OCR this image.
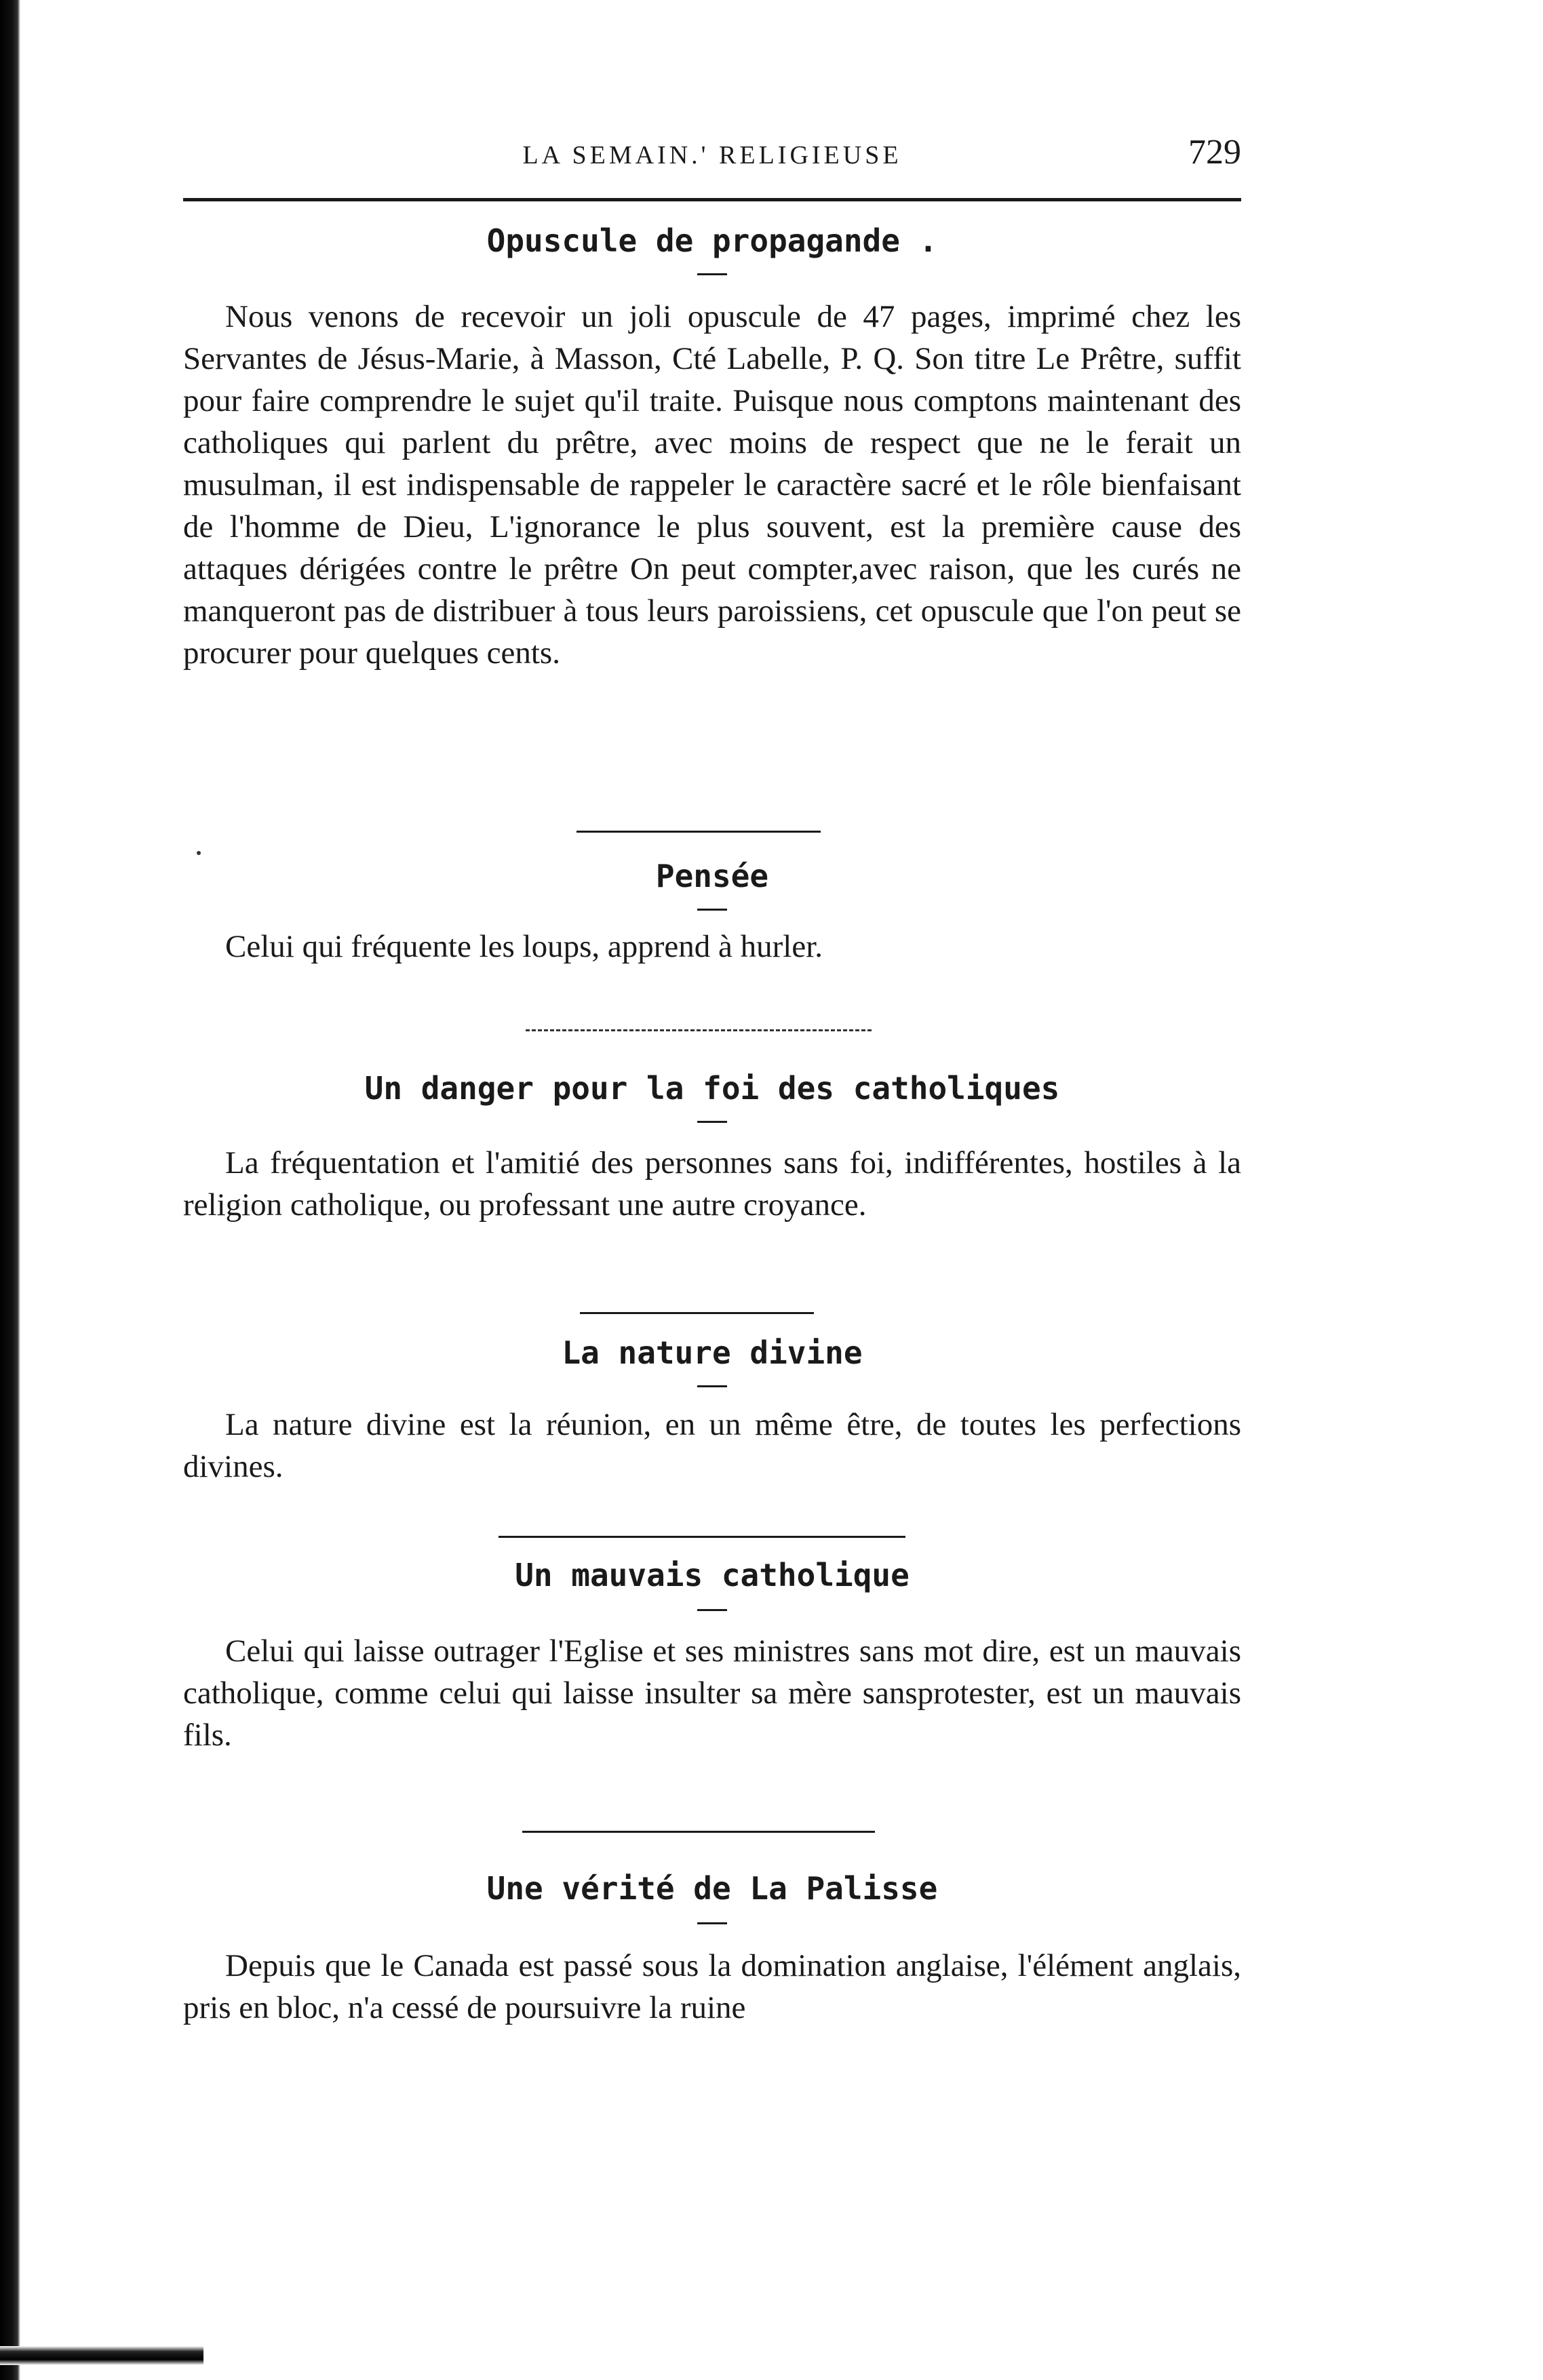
LA SEMAIN.' RELIGIEUSE	729
Opuscule de propagande .

Nous venons de recevoir un joli opuscule de 47 pages, imprimé chez les Servantes de Jésus-Marie, à Masson, Cté Labelle, P. Q. Son titre Le Prêtre, suffit pour faire comprendre le sujet qu'il traite. Puisque nous comptons maintenant des catholiques qui parlent du prêtre, avec moins de respect que ne le ferait un musulman, il est indispensable de rappeler le caractère sacré et le rôle bienfaisant de l'homme de Dieu, L'ignorance le plus souvent, est la première cause des attaques dérigées contre le prêtre On peut compter,avec raison, que les curés ne manqueront pas de distribuer à tous leurs paroissiens, cet opuscule que l'on peut se procurer pour quelques cents.

Pensée

Celui qui fréquente les loups, apprend à hurler.

Un danger pour la foi des catholiques

La fréquentation et l'amitié des personnes sans foi, indifférentes, hostiles à la religion catholique, ou professant une autre croyance.

La nature divine

La nature divine est la réunion, en un même être, de toutes les perfections divines.

Un mauvais catholique

Celui qui laisse outrager l'Eglise et ses ministres sans mot dire, est un mauvais catholique, comme celui qui laisse insulter sa mère sansprotester, est un mauvais fils.

Une vérité de La Palisse

Depuis que le Canada est passé sous la domination anglaise, l'élément anglais, pris en bloc, n'a cessé de poursuivre la ruine
